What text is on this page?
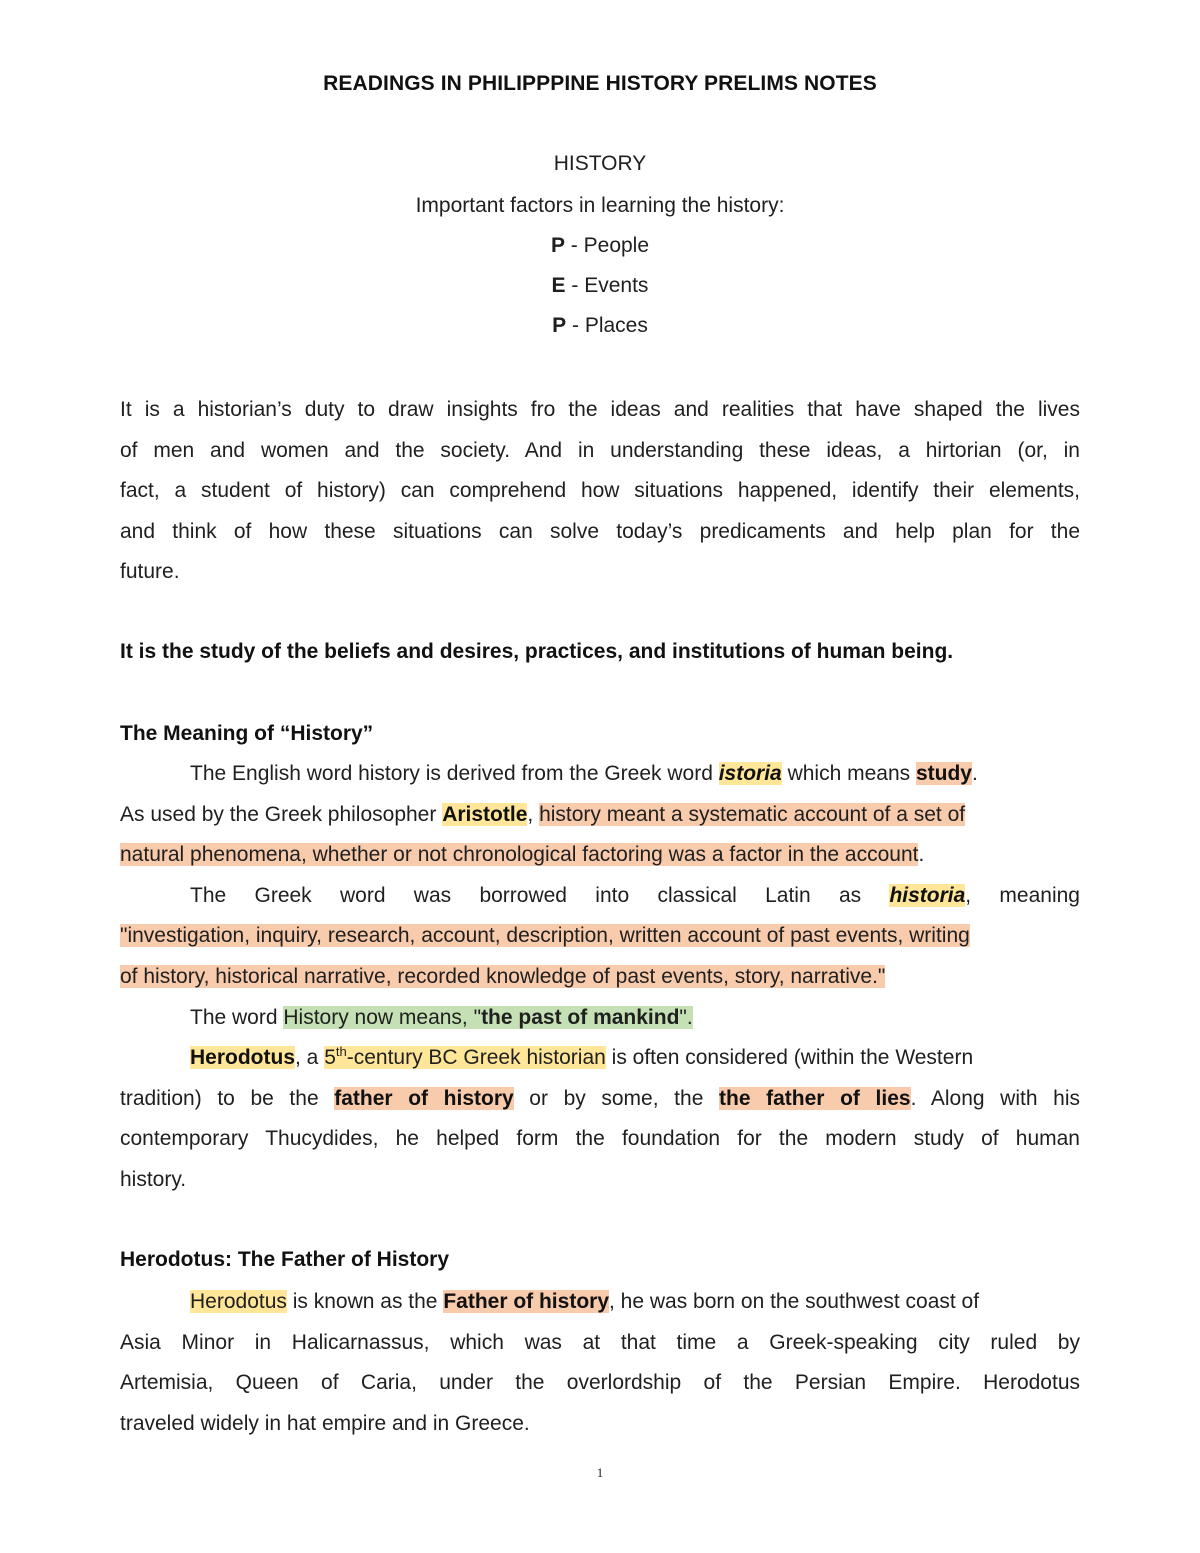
READINGS IN PHILIPPPINE HISTORY PRELIMS NOTES
HISTORY
Important factors in learning the history:
P - People
E - Events
P - Places
It is a historian’s duty to draw insights fro the ideas and realities that have shaped the lives
of men and women and the society. And in understanding these ideas, a hirtorian (or, in
fact, a student of history) can comprehend how situations happened, identify their elements,
and think of how these situations can solve today’s predicaments and help plan for the
future.
It is the study of the beliefs and desires, practices, and institutions of human being.
The Meaning of “History”
The English word history is derived from the Greek word istoria which means study.
As used by the Greek philosopher Aristotle, history meant a systematic account of a set of
natural phenomena, whether or not chronological factoring was a factor in the account.
The Greek word was borrowed into classical Latin as historia, meaning
"investigation, inquiry, research, account, description, written account of past events, writing
of history, historical narrative, recorded knowledge of past events, story, narrative."
The word History now means, "the past of mankind".
Herodotus, a 5th-century BC Greek historian is often considered (within the Western
tradition) to be the father of history or by some, the the father of lies. Along with his
contemporary Thucydides, he helped form the foundation for the modern study of human
history.
Herodotus: The Father of History
Herodotus is known as the Father of history, he was born on the southwest coast of
Asia Minor in Halicarnassus, which was at that time a Greek-speaking city ruled by
Artemisia, Queen of Caria, under the overlordship of the Persian Empire. Herodotus
traveled widely in hat empire and in Greece.
1
